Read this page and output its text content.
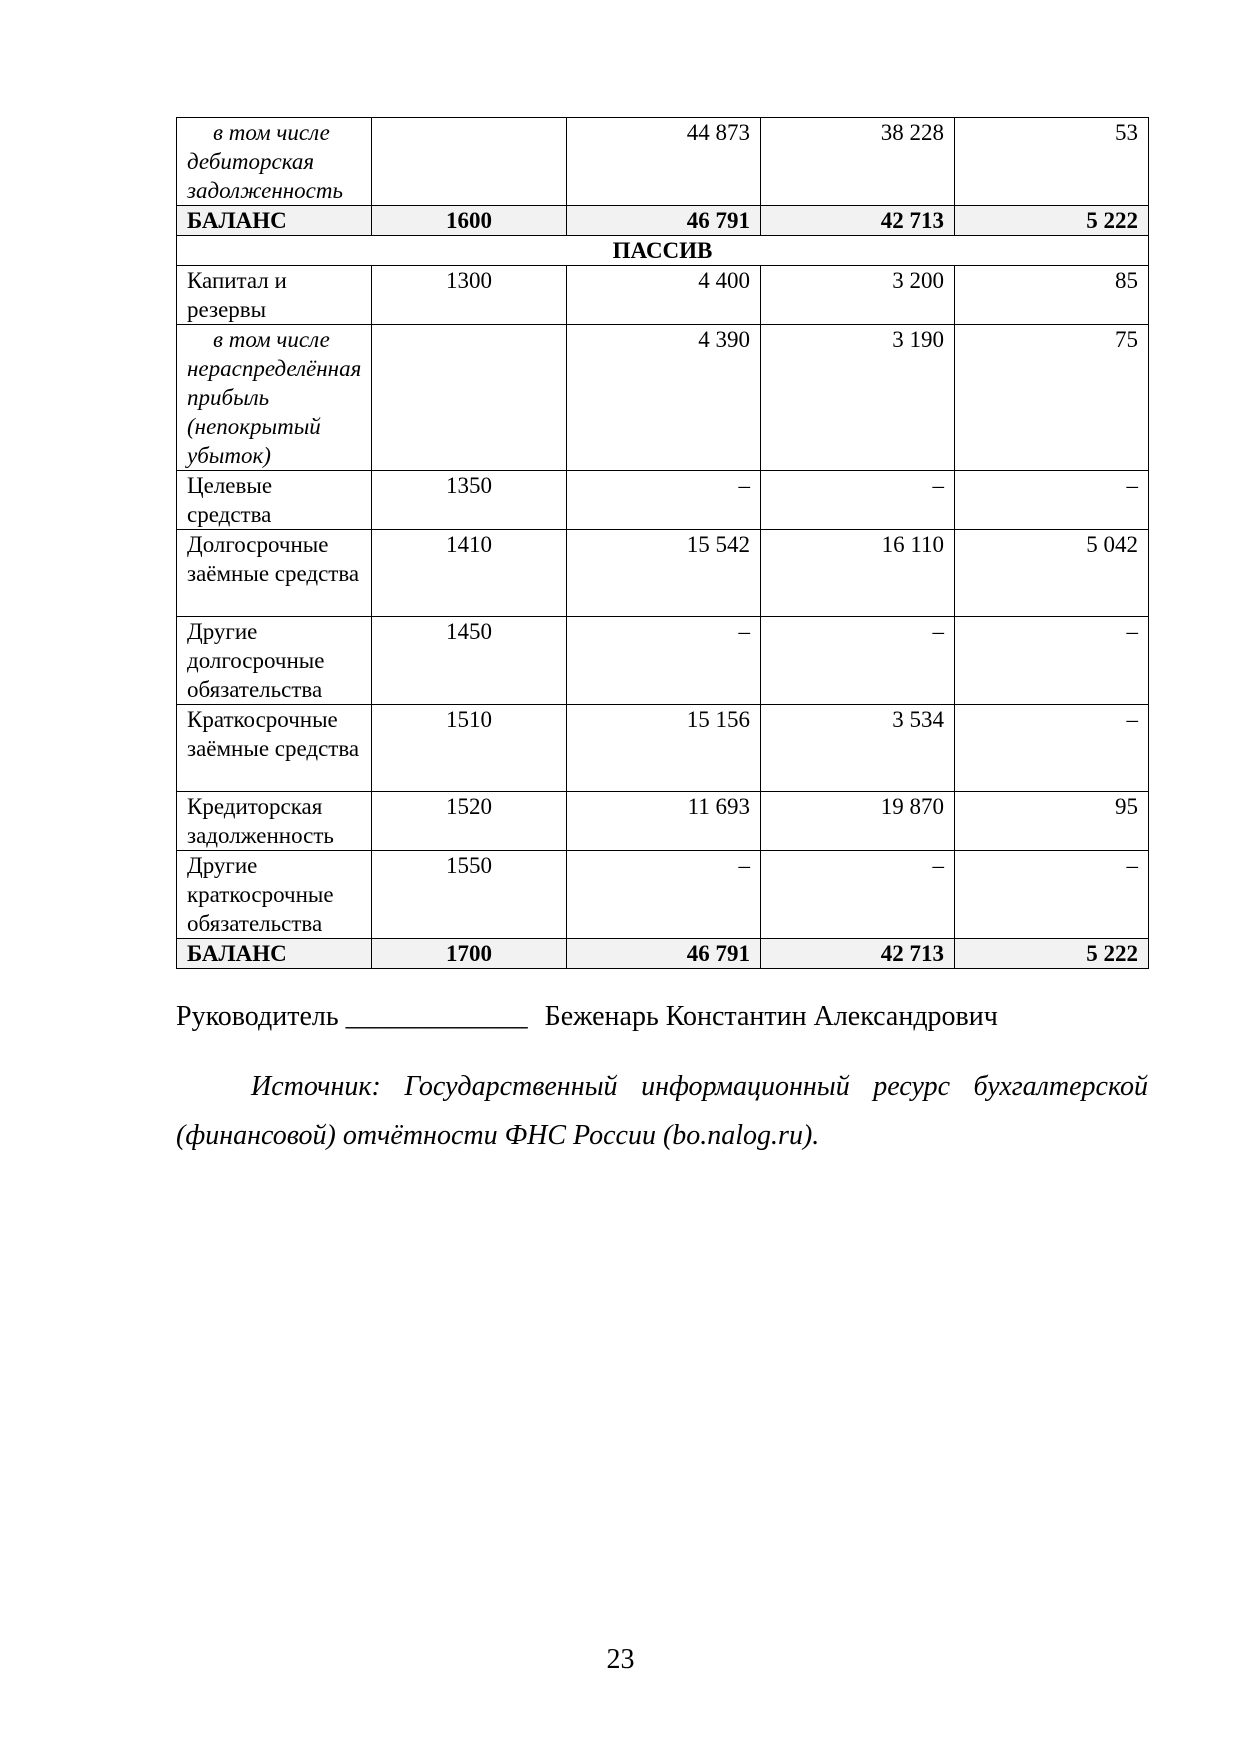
в том числе дебиторская задолженность		44 873	38 228	53
БАЛАНС	1600	46 791	42 713	5 222
ПАССИВ				
Капитал и резервы	1300	4 400	3 200	85
в том числе нераспределённая прибыль (непокрытый убыток)		4 390	3 190	75
Целевые средства	1350	–	–	–
Долгосрочные заёмные средства	1410	15 542	16 110	5 042
Другие долгосрочные обязательства	1450	–	–	–
Краткосрочные заёмные средства	1510	15 156	3 534	–
Кредиторская задолженность	1520	11 693	19 870	95
Другие краткосрочные обязательства	1550	–	–	–
БАЛАНС	1700	46 791	42 713	5 222
Руководитель _____________ Беженарь Константин Александрович

Источник: Государственный информационный ресурс бухгалтерской (финансовой) отчётности ФНС России (bo.nalog.ru).

23
